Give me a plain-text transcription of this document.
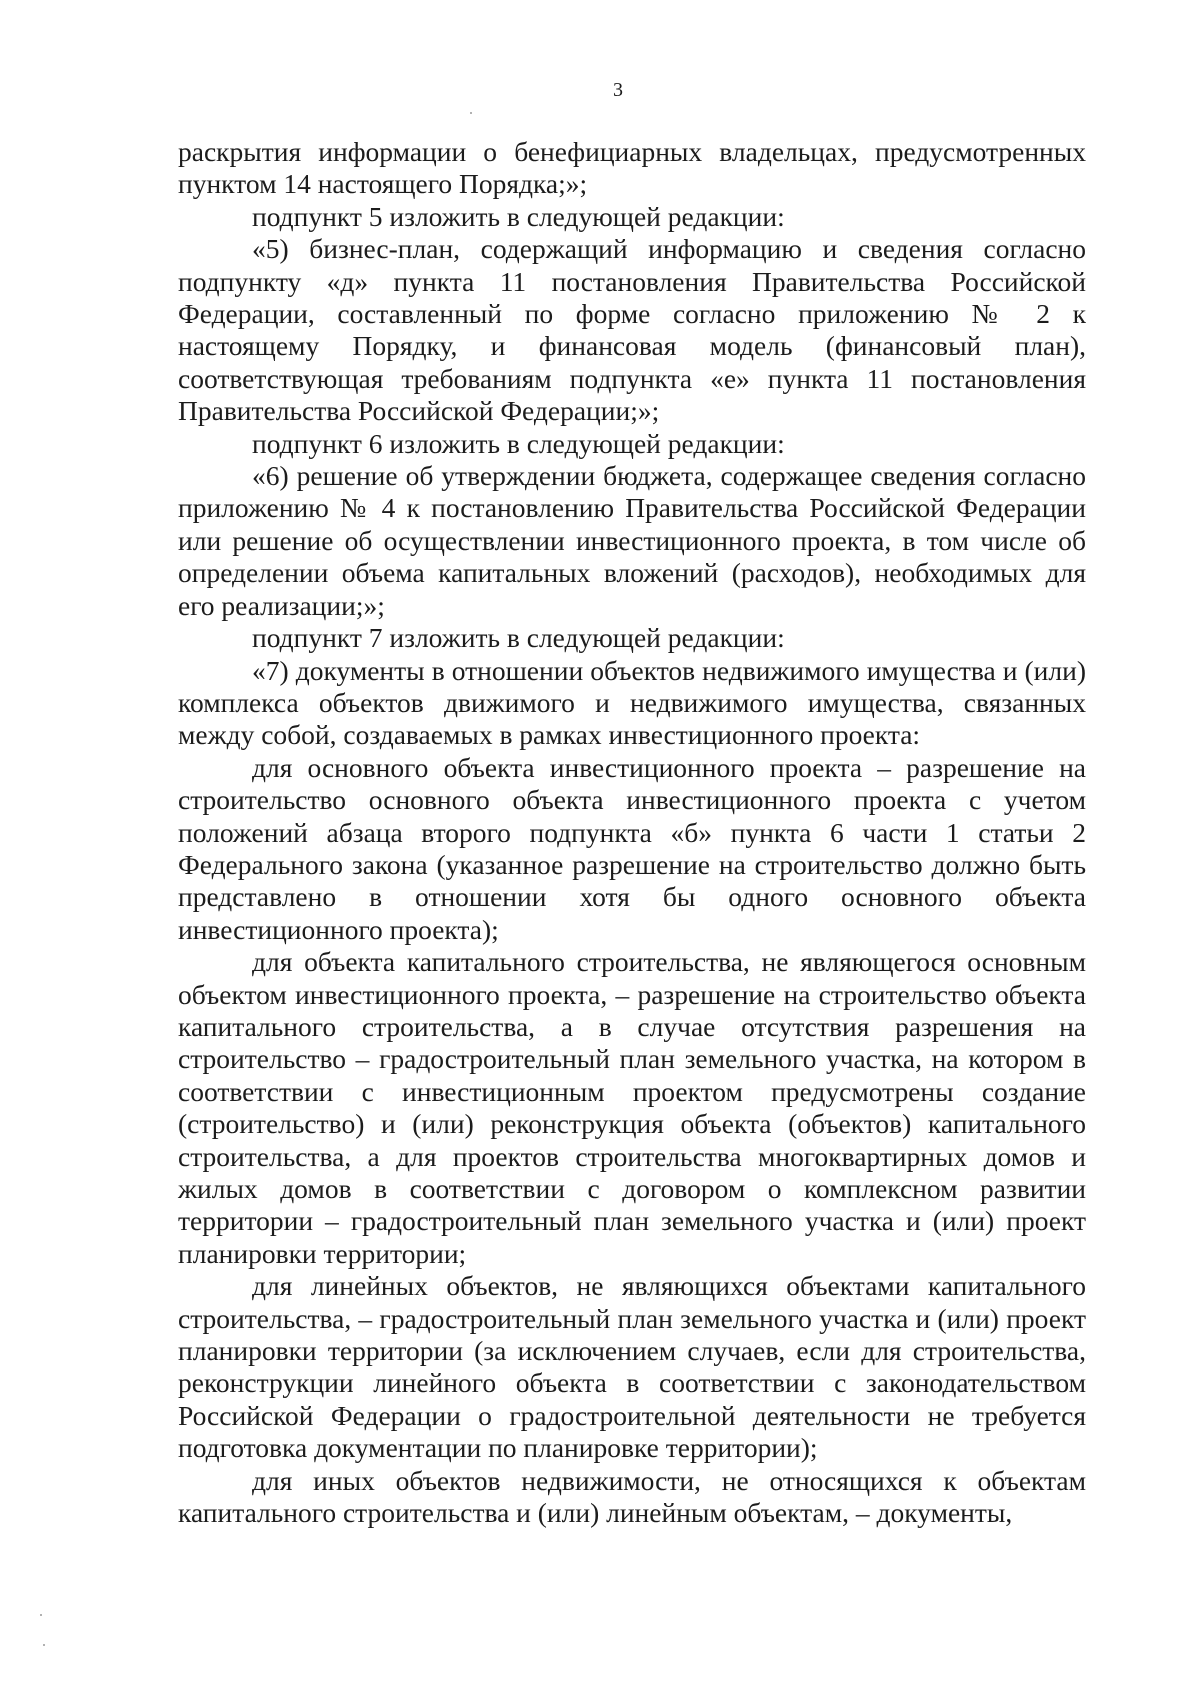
3

раскрытия информации о бенефициарных владельцах, предусмотренных пунктом 14 настоящего Порядка;»;

подпункт 5 изложить в следующей редакции:

«5) бизнес-план, содержащий информацию и сведения согласно подпункту «д» пункта 11 постановления Правительства Российской Федерации, составленный по форме согласно приложению № 2 к настоящему Порядку, и финансовая модель (финансовый план), соответствующая требованиям подпункта «е» пункта 11 постановления Правительства Российской Федерации;»;

подпункт 6 изложить в следующей редакции:

«6) решение об утверждении бюджета, содержащее сведения согласно приложению № 4 к постановлению Правительства Российской Федерации или решение об осуществлении инвестиционного проекта, в том числе об определении объема капитальных вложений (расходов), необходимых для его реализации;»;

подпункт 7 изложить в следующей редакции:

«7) документы в отношении объектов недвижимого имущества и (или) комплекса объектов движимого и недвижимого имущества, связанных между собой, создаваемых в рамках инвестиционного проекта:

для основного объекта инвестиционного проекта – разрешение на строительство основного объекта инвестиционного проекта с учетом положений абзаца второго подпункта «б» пункта 6 части 1 статьи 2 Федерального закона (указанное разрешение на строительство должно быть представлено в отношении хотя бы одного основного объекта инвестиционного проекта);

для объекта капитального строительства, не являющегося основным объектом инвестиционного проекта, – разрешение на строительство объекта капитального строительства, а в случае отсутствия разрешения на строительство – градостроительный план земельного участка, на котором в соответствии с инвестиционным проектом предусмотрены создание (строительство) и (или) реконструкция объекта (объектов) капитального строительства, а для проектов строительства многоквартирных домов и жилых домов в соответствии с договором о комплексном развитии территории – градостроительный план земельного участка и (или) проект планировки территории;

для линейных объектов, не являющихся объектами капитального строительства, – градостроительный план земельного участка и (или) проект планировки территории (за исключением случаев, если для строительства, реконструкции линейного объекта в соответствии с законодательством Российской Федерации о градостроительной деятельности не требуется подготовка документации по планировке территории);

для иных объектов недвижимости, не относящихся к объектам капитального строительства и (или) линейным объектам, – документы,
